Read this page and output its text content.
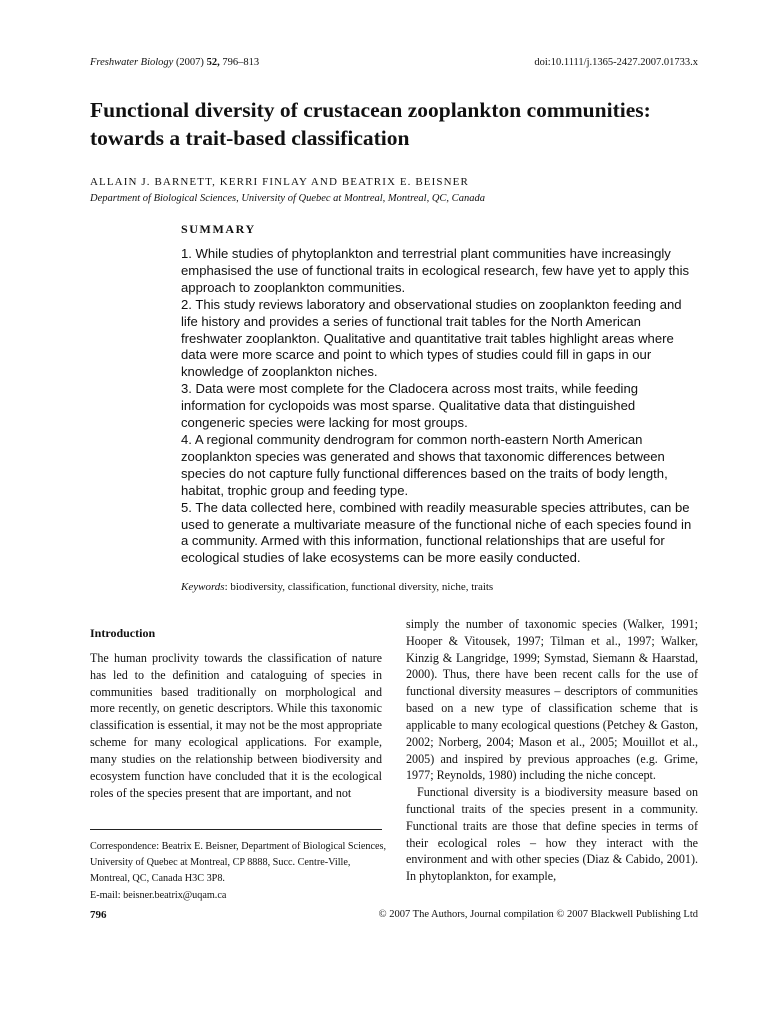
Freshwater Biology (2007) 52, 796–813	doi:10.1111/j.1365-2427.2007.01733.x
Functional diversity of crustacean zooplankton communities: towards a trait-based classification
ALLAIN J. BARNETT, KERRI FINLAY AND BEATRIX E. BEISNER
Department of Biological Sciences, University of Quebec at Montreal, Montreal, QC, Canada
SUMMARY

1. While studies of phytoplankton and terrestrial plant communities have increasingly emphasised the use of functional traits in ecological research, few have yet to apply this approach to zooplankton communities.

2. This study reviews laboratory and observational studies on zooplankton feeding and life history and provides a series of functional trait tables for the North American freshwater zooplankton. Qualitative and quantitative trait tables highlight areas where data were more scarce and point to which types of studies could fill in gaps in our knowledge of zooplankton niches.

3. Data were most complete for the Cladocera across most traits, while feeding information for cyclopoids was most sparse. Qualitative data that distinguished congeneric species were lacking for most groups.

4. A regional community dendrogram for common north-eastern North American zooplankton species was generated and shows that taxonomic differences between species do not capture fully functional differences based on the traits of body length, habitat, trophic group and feeding type.

5. The data collected here, combined with readily measurable species attributes, can be used to generate a multivariate measure of the functional niche of each species found in a community. Armed with this information, functional relationships that are useful for ecological studies of lake ecosystems can be more easily conducted.

Keywords: biodiversity, classification, functional diversity, niche, traits
Introduction
The human proclivity towards the classification of nature has led to the definition and cataloguing of species in communities based traditionally on morphological and more recently, on genetic descriptors. While this taxonomic classification is essential, it may not be the most appropriate scheme for many ecological applications. For example, many studies on the relationship between biodiversity and ecosystem function have concluded that it is the ecological roles of the species present that are important, and not

simply the number of taxonomic species (Walker, 1991; Hooper & Vitousek, 1997; Tilman et al., 1997; Walker, Kinzig & Langridge, 1999; Symstad, Siemann & Haarstad, 2000). Thus, there have been recent calls for the use of functional diversity measures – descriptors of communities based on a new type of classification scheme that is applicable to many ecological questions (Petchey & Gaston, 2002; Norberg, 2004; Mason et al., 2005; Mouillot et al., 2005) and inspired by previous approaches (e.g. Grime, 1977; Reynolds, 1980) including the niche concept.

Functional diversity is a biodiversity measure based on functional traits of the species present in a community. Functional traits are those that define species in terms of their ecological roles – how they interact with the environment and with other species (Diaz & Cabido, 2001). In phytoplankton, for example,

Correspondence: Beatrix E. Beisner, Department of Biological Sciences, University of Quebec at Montreal, CP 8888, Succ. Centre-Ville, Montreal, QC, Canada H3C 3P8.

E-mail: beisner.beatrix@uqam.ca

796	© 2007 The Authors, Journal compilation © 2007 Blackwell Publishing Ltd
